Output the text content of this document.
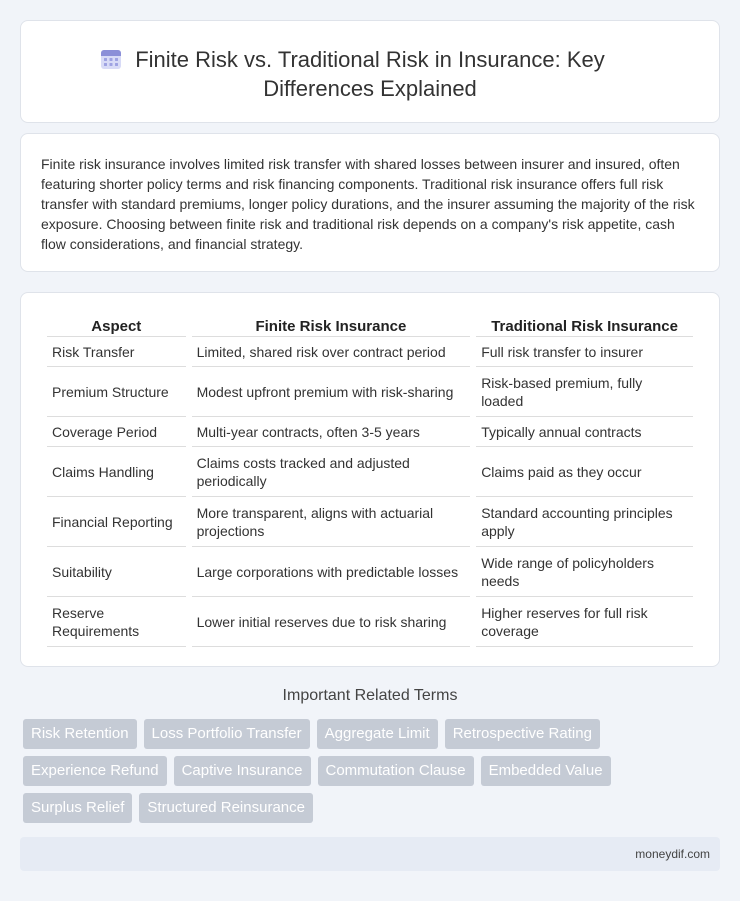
Finite Risk vs. Traditional Risk in Insurance: Key Differences Explained

Finite risk insurance involves limited risk transfer with shared losses between insurer and insured, often featuring shorter policy terms and risk financing components. Traditional risk insurance offers full risk transfer with standard premiums, longer policy durations, and the insurer assuming the majority of the risk exposure. Choosing between finite risk and traditional risk depends on a company's risk appetite, cash flow considerations, and financial strategy.

Aspect	Finite Risk Insurance	Traditional Risk Insurance
Risk Transfer	Limited, shared risk over contract period	Full risk transfer to insurer
Premium Structure	Modest upfront premium with risk-sharing	Risk-based premium, fully loaded
Coverage Period	Multi-year contracts, often 3-5 years	Typically annual contracts
Claims Handling	Claims costs tracked and adjusted periodically	Claims paid as they occur
Financial Reporting	More transparent, aligns with actuarial projections	Standard accounting principles apply
Suitability	Large corporations with predictable losses	Wide range of policyholders needs
Reserve Requirements	Lower initial reserves due to risk sharing	Higher reserves for full risk coverage
Important Related Terms
Risk Retention	Loss Portfolio Transfer	Aggregate Limit	Retrospective Rating
Experience Refund	Captive Insurance	Commutation Clause	Embedded Value
Surplus Relief	Structured Reinsurance
moneydif.com
